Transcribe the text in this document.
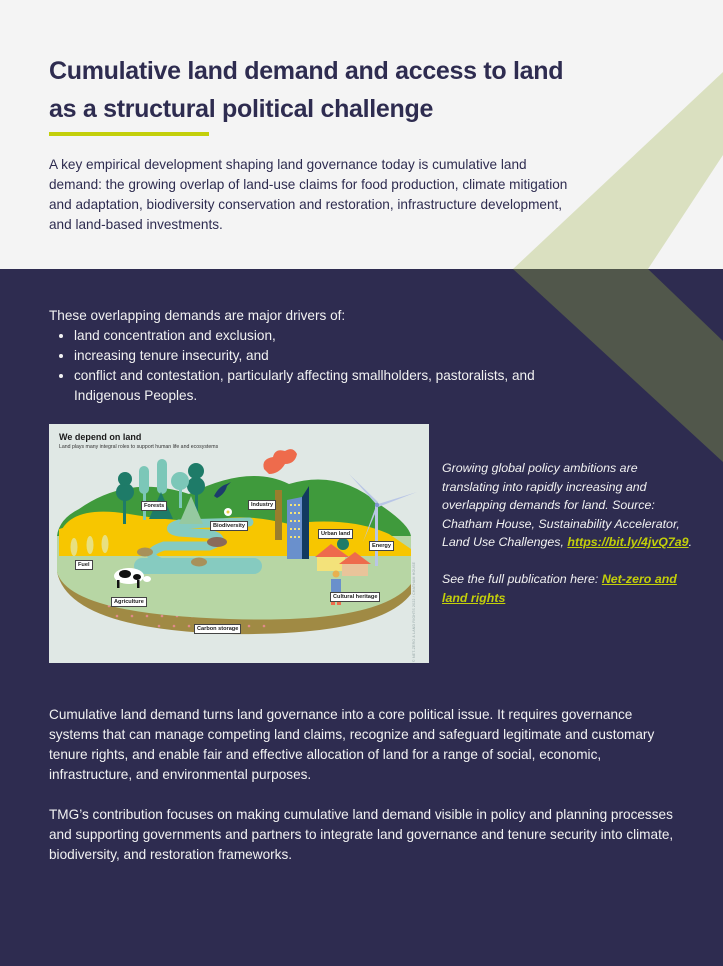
Cumulative land demand and access to land
as a structural political challenge

A key empirical development shaping land governance today is cumulative land demand: the growing overlap of land-use claims for food production, climate mitigation and adaptation, biodiversity conservation and restoration, infrastructure development, and land-based investments.

These overlapping demands are major drivers of:

• land concentration and exclusion,
• increasing tenure insecurity, and
• conflict and contestation, particularly affecting smallholders, pastoralists, and Indigenous Peoples.

We depend on land

Land plays many integral roles to support human life and ecosystems

Forests
Biodiversity
Industry
Urban land
Energy
Fuel
Agriculture
Cultural heritage
Carbon storage	© NET-ZERO & LAND RIGHTS 2022 / CHATHAM HOUSE

Growing global policy ambitions are translating into rapidly increasing and overlapping demands for land. Source: Chatham House, Sustainability Accelerator, Land Use Challenges, https://bit.ly/4jvQ7a9.

See the full publication here: Net-zero and land rights

Cumulative land demand turns land governance into a core political issue. It requires governance systems that can manage competing land claims, recognize and safeguard legitimate and customary tenure rights, and enable fair and effective allocation of land for a range of social, economic, infrastructure, and environmental purposes.

TMG’s contribution focuses on making cumulative land demand visible in policy and planning processes and supporting governments and partners to integrate land governance and tenure security into climate, biodiversity, and restoration frameworks.
